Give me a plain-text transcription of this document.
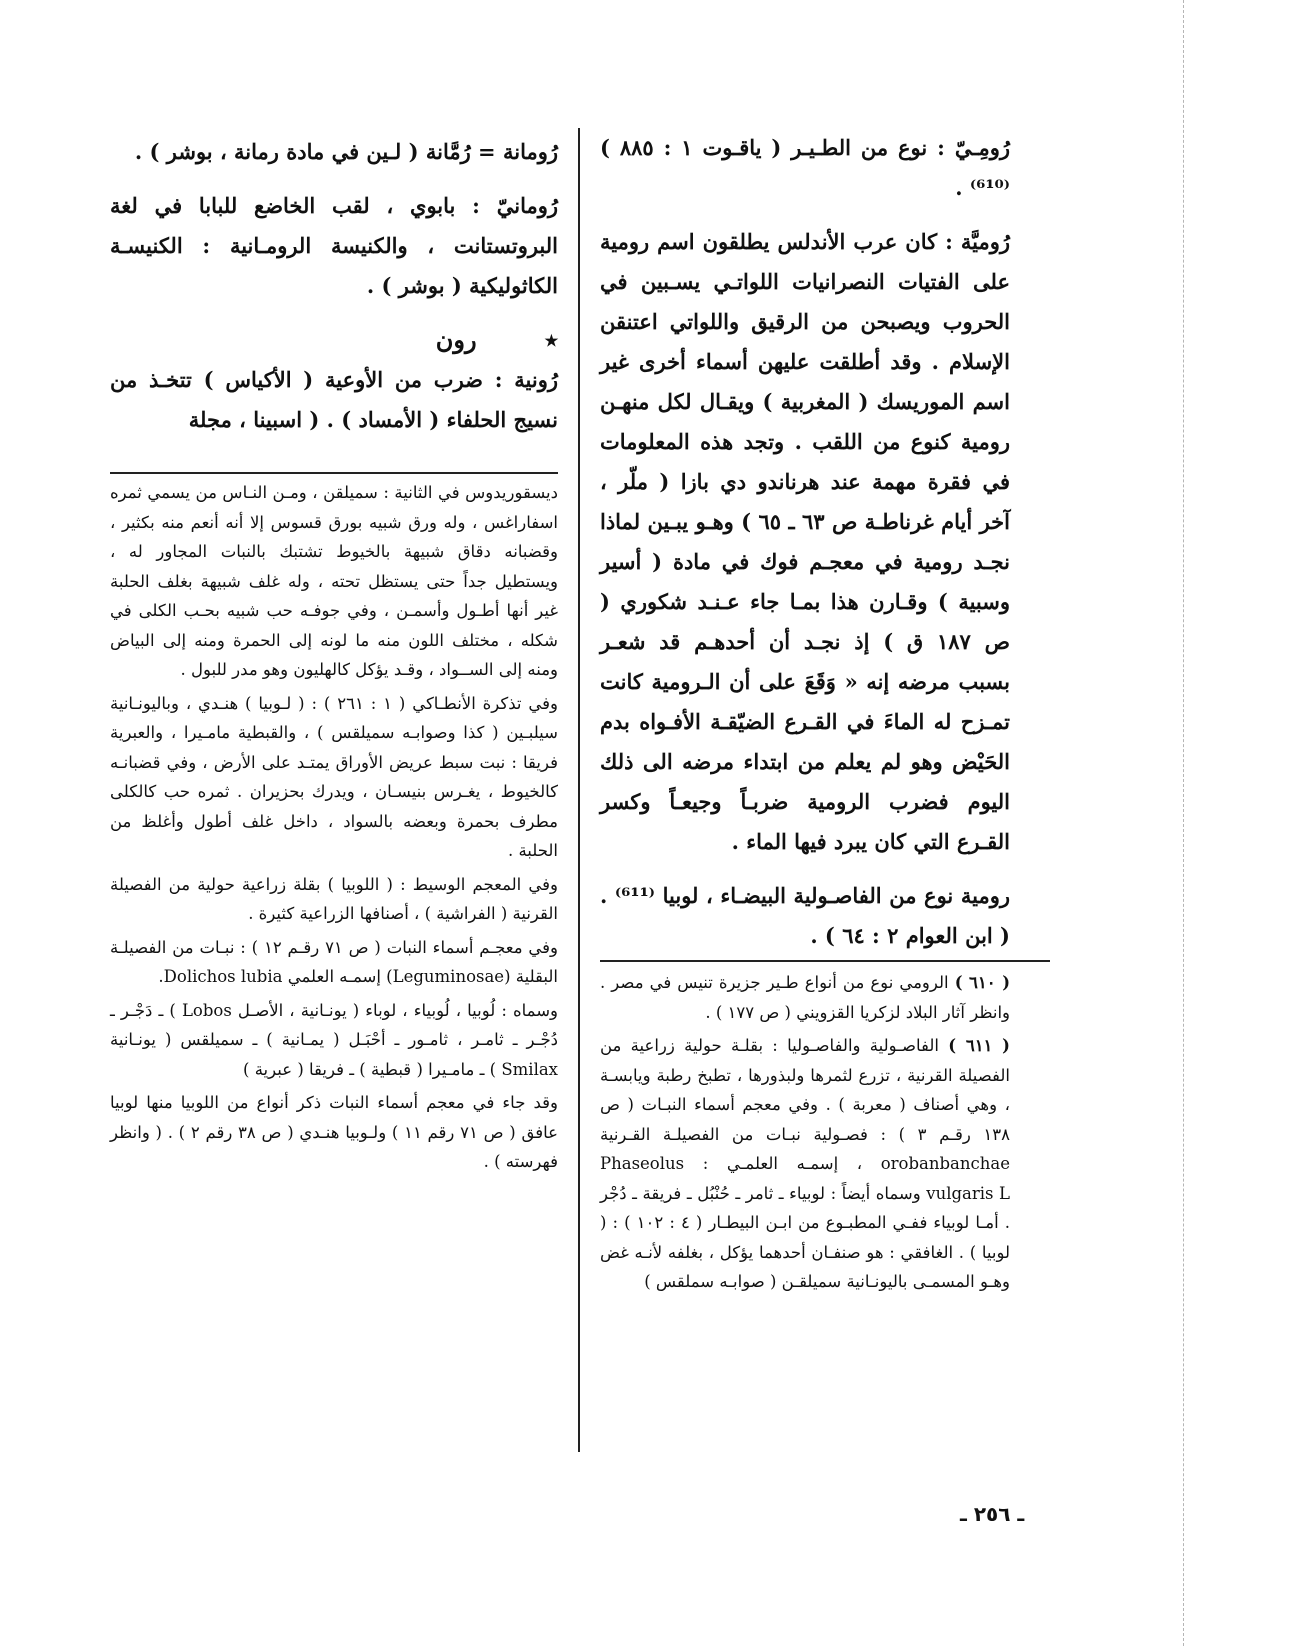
رُومِـيّ : نوع من الطـيـر ( ياقـوت ١ : ٨٨٥ ) ⁽⁶¹⁰⁾ .

رُوميَّة : كان عرب الأندلس يطلقون اسم رومية على الفتيات النصرانيات اللواتـي يسـبين في الحروب ويصبحن من الرقيق واللواتي اعتنقن الإسلام . وقد أطلقت عليهن أسماء أخرى غير اسم الموريسك ( المغربية ) ويقـال لكل منهـن رومية كنوع من اللقب . وتجد هذه المعلومات في فقرة مهمة عند هرناندو دي بازا ( ملّر ، آخر أيام غرناطـة ص ٦٣ ـ ٦٥ ) وهـو يبـين لماذا نجـد رومية في معجـم فوك في مادة ( أسير وسبية ) وقـارن هذا بمـا جاء عـنـد شكوري ( ص ١٨٧ ق ) إذ نجـد أن أحدهـم قد شعـر بسبب مرضه إنه « وَقَعَ على أن الـرومية كانت تمـزح له الماءَ في القـرع الضيّقـة الأفـواه بدم الحَيْض وهو لم يعلم من ابتداء مرضه الى ذلك اليوم فضرب الرومية ضربـاً وجيعـاً وكسر القـرع التي كان يبرد فيها الماء .

رومية نوع من الفاصـولية البيضـاء ، لوبيا ⁽⁶¹¹⁾ . ( ابن العوام ٢ : ٦٤ ) .

رُومانة = رُمَّانة ( لـين في مادة رمانة ، بوشر ) .

رُومانيّ : بابوي ، لقب الخاضع للبابا في لغة البروتستانت ، والكنيسة الرومـانية : الكنيسـة الكاثوليكية ( بوشر ) .

٭ رون

رُونية : ضرب من الأوعية ( الأكياس ) تتخـذ من نسيج الحلفاء ( الأمساد ) . ( اسبينا ، مجلة

ديسقوريدوس في الثانية : سميلقن ، ومـن النـاس من يسمي ثمره اسفاراغس ، وله ورق شبيه بورق قسوس إلا أنه أنعم منه بكثير ، وقضبانه دقاق شبيهة بالخيوط تشتبك بالنبات المجاور له ، ويستطيل جداً حتى يستظل تحته ، وله غلف شبيهة بغلف الحلبة غير أنها أطـول وأسمـن ، وفي جوفـه حب شبيه بحـب الكلى في شكله ، مختلف اللون منه ما لونه إلى الحمرة ومنه إلى البياض ومنه إلى الســواد ، وقـد يؤكل كالهليون وهو مدر للبول .

وفي تذكرة الأنطـاكي ( ١ : ٢٦١ ) : ( لـوبيا ) هنـدي ، وباليونـانية سيلبـين ( كذا وصوابـه سميلقس ) ، والقبطية مامـيرا ، والعبرية فريقا : نبت سبط عريض الأوراق يمتـد على الأرض ، وفي قضبانـه كالخيوط ، يغـرس بنيسـان ، ويدرك بحزيران . ثمره حب كالكلى مطرف بحمرة وبعضه بالسواد ، داخل غلف أطول وأغلظ من الحلبة .

وفي المعجم الوسيط : ( اللوبيا ) بقلة زراعية حولية من الفصيلة القرنية ( الفراشية ) ، أصنافها الزراعية كثيرة .

وفي معجـم أسماء النبات ( ص ٧١ رقـم ١٢ ) : نبـات من الفصيلـة البقلية (Leguminosae) إسمـه العلمي Dolichos lubia.

وسماه : لُوبيا ، لُوبياء ، لوباء ( يونـانية ، الأصـل Lobos ) ـ دَجْـر ـ دُجْـر ـ ثامـر ، ثامـور ـ أحْبَـل ( يمـانية ) ـ سميلقس ( يونـانية Smilax ) ـ مامـيرا ( قبطية ) ـ فريقا ( عبرية )

وقد جاء في معجم أسماء النبات ذكر أنواع من اللوبيا منها لوبيا عافق ( ص ٧١ رقم ١١ ) ولـوبيا هنـدي ( ص ٣٨ رقم ٢ ) . ( وانظر فهرسته ) .

( ٦١٠ ) الرومي نوع من أنواع طـير جزيرة تنيس في مصر . وانظر آثار البلاد لزكريا القزويني ( ص ١٧٧ ) .

( ٦١١ ) الفاصـولية والفاصـوليا : بقلـة حولية زراعية من الفصيلة القرنية ، تزرع لثمرها ولبذورها ، تطبخ رطبة ويابسـة ، وهي أصناف ( معربة ) . وفي معجم أسماء النبـات ( ص ١٣٨ رقـم ٣ ) : فصـولية نبـات من الفصيلـة القـرنية orobanbanchae ، إسمـه العلمـي : Phaseolus vulgaris L وسماه أيضاً : لوبياء ـ ثامر ـ حُنْبُل ـ فريقة ـ دُجْر . أمـا لوبياء ففـي المطبـوع من ابـن البيطـار ( ٤ : ١٠٢ ) : ( لوبيا ) . الغافقي : هو صنفـان أحدهما يؤكل ، بغلفه لأنـه غض وهـو المسمـى باليونـانية سميلقـن ( صوابـه سملقس )

ـ ٢٥٦ ـ
